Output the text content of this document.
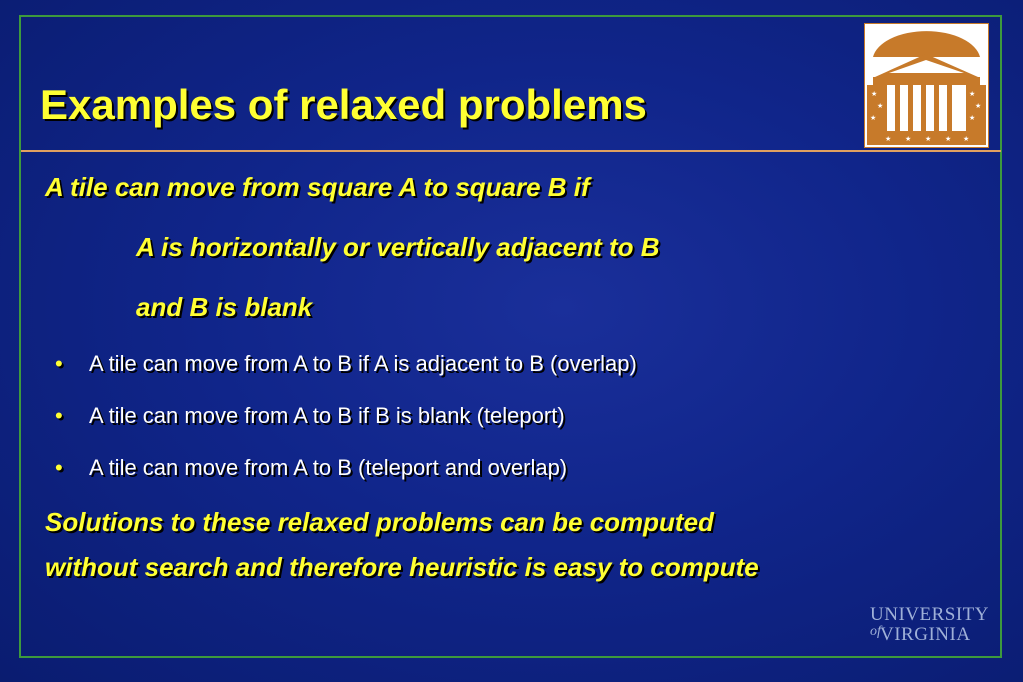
Examples of relaxed problems	★
★
★
★
★
★
★ ★ ★ ★ ★

A tile can move from square A to square B if

A is horizontally or vertically adjacent to B

and B is blank

• A tile can move from A to B if A is adjacent to B (overlap)
• A tile can move from A to B if B is blank (teleport)
• A tile can move from A to B (teleport and overlap)

Solutions to these relaxed problems can be computed

without search and therefore heuristic is easy to compute

UNIVERSITY
of VIRGINIA
